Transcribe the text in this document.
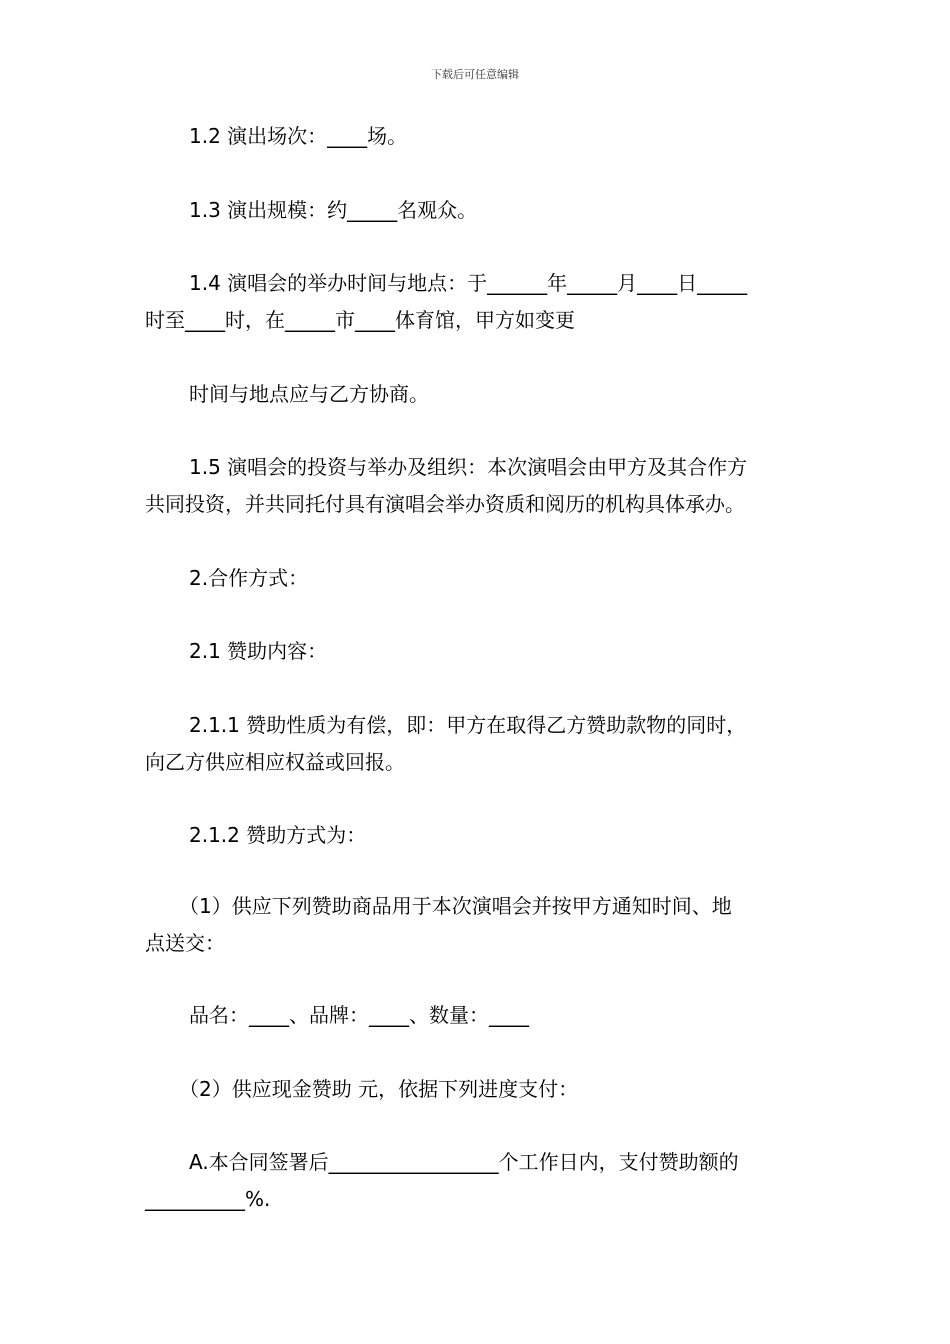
下载后可任意编辑
1.2 演出场次：____场。
1.3 演出规模：约_____名观众。
1.4 演唱会的举办时间与地点：于______年_____月____日_____
时至____时，在_____市____体育馆，甲方如变更
时间与地点应与乙方协商。
1.5 演唱会的投资与举办及组织：本次演唱会由甲方及其合作方
共同投资，并共同托付具有演唱会举办资质和阅历的机构具体承办。
2.合作方式：
2.1 赞助内容：
2.1.1 赞助性质为有偿，即：甲方在取得乙方赞助款物的同时，
向乙方供应相应权益或回报。
2.1.2 赞助方式为：
（1）供应下列赞助商品用于本次演唱会并按甲方通知时间、地
点送交：
品名：____、品牌：____、数量：____
（2）供应现金赞助 元，依据下列进度支付：
A.本合同签署后_________________个工作日内，支付赞助额的
__________%.
